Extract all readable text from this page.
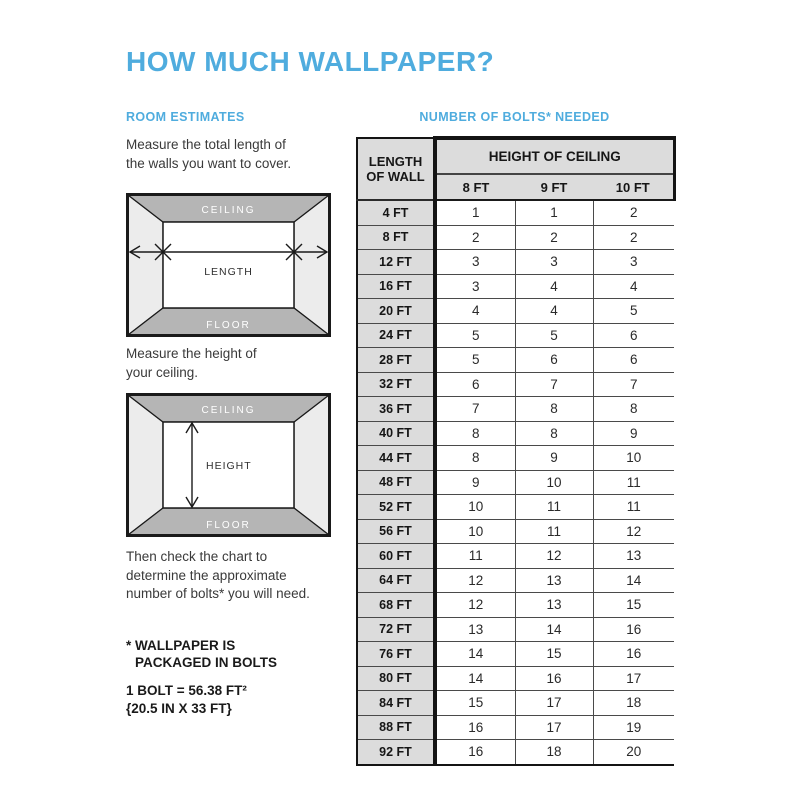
HOW MUCH WALLPAPER?
ROOM ESTIMATES

Measure the total length of
the walls you want to cover.

CEILING
FLOOR
LENGTH

Measure the height of
your ceiling.

CEILING
FLOOR
HEIGHT

Then check the chart to
determine the approximate
number of bolts* you will need.

* WALLPAPER IS
PACKAGED IN BOLTS
1 BOLT = 56.38 FT²
{20.5 IN X 33 FT}
NUMBER OF BOLTS* NEEDED
LENGTH
OF WALL	HEIGHT OF CEILING		
	8 FT	9 FT	10 FT
4 FT	1	1	2
8 FT	2	2	2
12 FT	3	3	3
16 FT	3	4	4
20 FT	4	4	5
24 FT	5	5	6
28 FT	5	6	6
32 FT	6	7	7
36 FT	7	8	8
40 FT	8	8	9
44 FT	8	9	10
48 FT	9	10	11
52 FT	10	11	11
56 FT	10	11	12
60 FT	11	12	13
64 FT	12	13	14
68 FT	12	13	15
72 FT	13	14	16
76 FT	14	15	16
80 FT	14	16	17
84 FT	15	17	18
88 FT	16	17	19
92 FT	16	18	20
